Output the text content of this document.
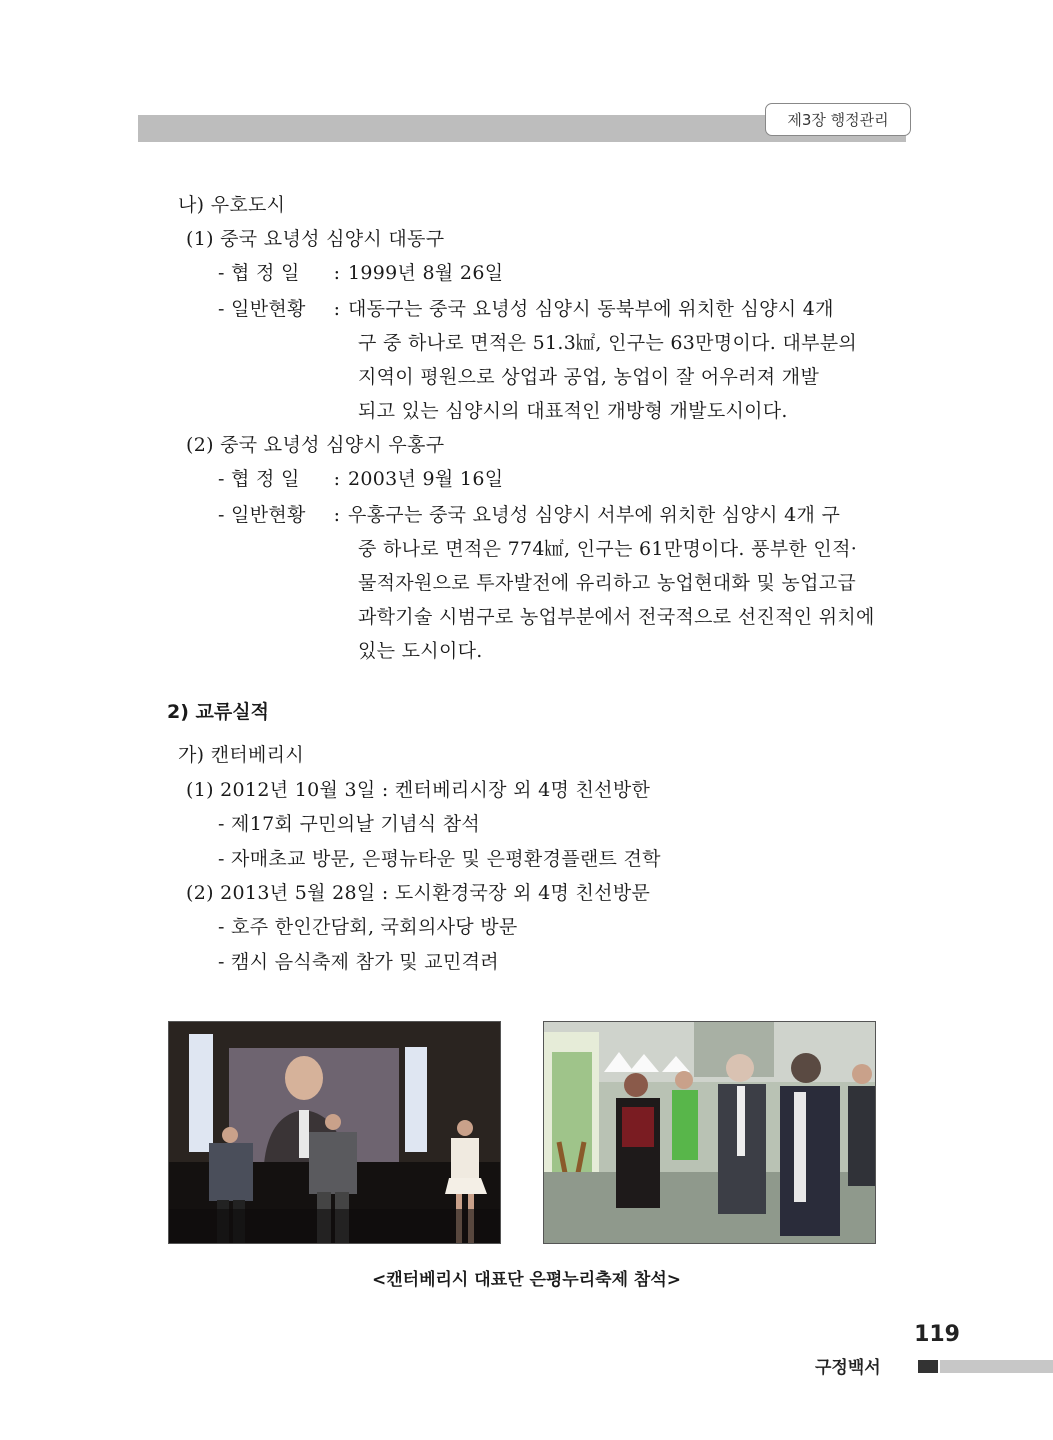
제3장 행정관리
나) 우호도시
(1) 중국 요녕성 심양시 대동구
- 협 정 일 : 1999년 8월 26일
- 일반현황 : 대동구는 중국 요녕성 심양시 동북부에 위치한 심양시 4개
구 중 하나로 면적은 51.3㎢, 인구는 63만명이다. 대부분의
지역이 평원으로 상업과 공업, 농업이 잘 어우러져 개발
되고 있는 심양시의 대표적인 개방형 개발도시이다.
(2) 중국 요녕성 심양시 우홍구
- 협 정 일 : 2003년 9월 16일
- 일반현황 : 우홍구는 중국 요녕성 심양시 서부에 위치한 심양시 4개 구
중 하나로 면적은 774㎢, 인구는 61만명이다. 풍부한 인적·
물적자원으로 투자발전에 유리하고 농업현대화 및 농업고급
과학기술 시범구로 농업부분에서 전국적으로 선진적인 위치에
있는 도시이다.
2) 교류실적
가) 캔터베리시
(1) 2012년 10월 3일 : 켄터베리시장 외 4명 친선방한
- 제17회 구민의날 기념식 참석
- 자매초교 방문, 은평뉴타운 및 은평환경플랜트 견학
(2) 2013년 5월 28일 : 도시환경국장 외 4명 친선방문
- 호주 한인간담회, 국회의사당 방문
- 캠시 음식축제 참가 및 교민격려
<캔터베리시 대표단 은평누리축제 참석>
119
구정백서
